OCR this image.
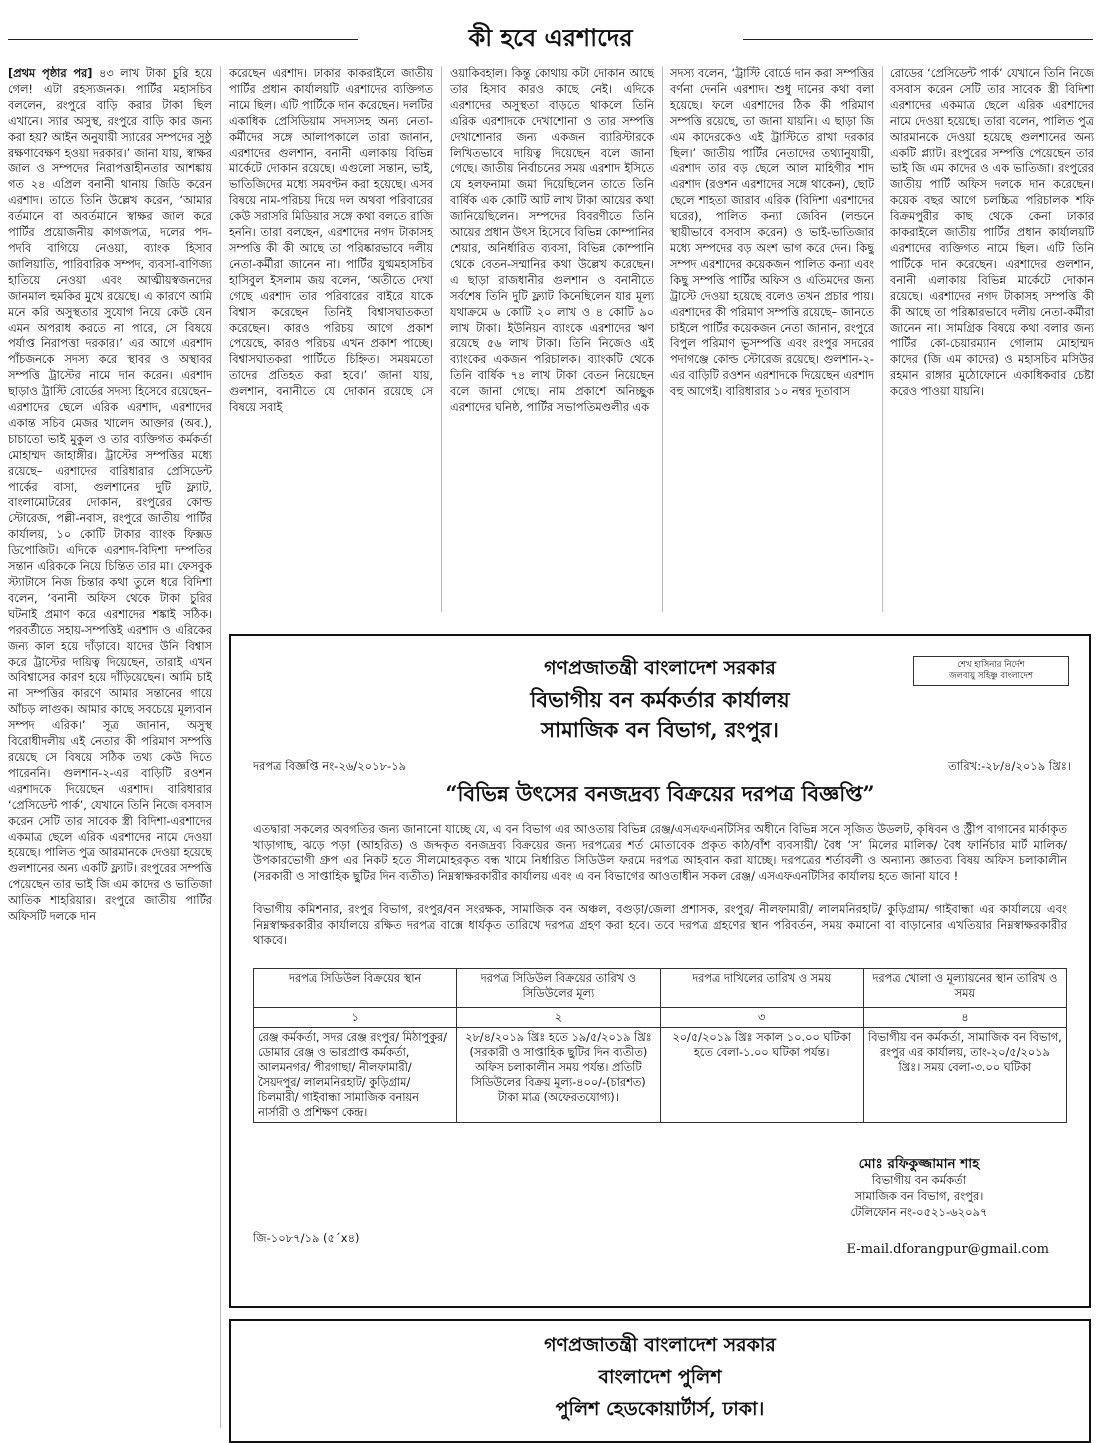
কী হবে এরশাদের

[প্রথম পৃষ্ঠার পর] ৪৩ লাখ টাকা চুরি হয়ে গেল! এটা রহস্যজনক। পার্টির মহাসচিব বললেন, রংপুরে বাড়ি করার টাকা ছিল এখানে। স্যার অসুস্থ, রংপুরে বাড়ি কার জন্য করা হয়? আইন অনুযায়ী স্যারের সম্পদের সুষ্ঠু রক্ষণাবেক্ষণ হওয়া দরকার।’ জানা যায়, স্বাক্ষর জাল ও সম্পদের নিরাপত্তাহীনতার আশঙ্কায় গত ২৪ এপ্রিল বনানী থানায় জিডি করেন এরশাদ। তাতে তিনি উল্লেখ করেন, ‘আমার বর্তমানে বা অবর্তমানে স্বাক্ষর জাল করে পার্টির প্রয়োজনীয় কাগজপত্র, দলের পদ-পদবি বাগিয়ে নেওয়া, ব্যাংক হিসাব জালিয়াতি, পারিবারিক সম্পদ, ব্যবসা-বাণিজ্য হাতিয়ে নেওয়া এবং আত্মীয়স্বজনদের জানমাল হুমকির মুখে রয়েছে। এ কারণে আমি মনে করি অসুস্থতার সুযোগ নিয়ে কেউ যেন এমন অপরাধ করতে না পারে, সে বিষয়ে পর্যাপ্ত নিরাপত্তা দরকার।’ এর আগে এরশাদ পাঁচজনকে সদস্য করে স্থাবর ও অস্থাবর সম্পত্তি ট্রাস্টের নামে দান করেন। এরশাদ ছাড়াও ট্রাস্টি বোর্ডের সদস্য হিসেবে রয়েছেন– এরশাদের ছেলে এরিক এরশাদ, এরশাদের একান্ত সচিব মেজর খালেদ আক্তার (অব.), চাচাতো ভাই মুকুল ও তার ব্যক্তিগত কর্মকর্তা মোহাম্মদ জাহাঙ্গীর। ট্রাস্টের সম্পত্তির মধ্যে রয়েছে– এরশাদের বারিধারার প্রেসিডেন্ট পার্কের বাসা, গুলশানের দুটি ফ্ল্যাট, বাংলামোটরের দোকান, রংপুরের কোল্ড স্টোরেজ, পল্লী-নবাস, রংপুরে জাতীয় পার্টির কার্যালয়, ১০ কোটি টাকার ব্যাংক ফিক্সড ডিপোজিট। এদিকে এরশাদ-বিদিশা দম্পতির সন্তান এরিককে নিয়ে চিন্তিত তার মা। ফেসবুক স্ট্যাটাসে নিজ চিন্তার কথা তুলে ধরে বিদিশা বলেন, ‘বনানী অফিস থেকে টাকা চুরির ঘটনাই প্রমাণ করে এরশাদের শঙ্কাই সঠিক। পরবর্তীতে সহায়-সম্পত্তিই এরশাদ ও এরিকের জন্য কাল হয়ে দাঁড়াবে। যাদের উনি বিশ্বাস করে ট্রাস্টের দায়িত্ব দিয়েছেন, তারাই এখন অবিশ্বাসের কারণ হয়ে দাঁড়িয়েছেন। আমি চাই না সম্পত্তির কারণে আমার সন্তানের গায়ে আঁচড় লাগুক। আমার কাছে সবচেয়ে মূল্যবান সম্পদ এরিক।’ সূত্র জানান, অসুস্থ বিরোধীদলীয় এই নেতার কী পরিমাণ সম্পত্তি রয়েছে সে বিষয়ে সঠিক তথ্য কেউ দিতে পারেননি। গুলশান-২-এর বাড়িটি রওশন এরশাদকে দিয়েছেন এরশাদ। বারিধারার ‘প্রেসিডেন্ট পার্ক’, যেখানে তিনি নিজে বসবাস করেন সেটি তার সাবেক স্ত্রী বিদিশা-এরশাদের একমাত্র ছেলে এরিক এরশাদের নামে দেওয়া হয়েছে। পালিত পুত্র আরমানকে দেওয়া হয়েছে গুলশানের অন্য একটি ফ্ল্যাট। রংপুরের সম্পত্তি পেয়েছেন তার ভাই জি এম কাদের ও ভাতিজা আতিক শাহরিয়ার। রংপুরে জাতীয় পার্টির অফিসটি দলকে দান

করেছেন এরশাদ। ঢাকার কাকরাইলে জাতীয় পার্টির প্রধান কার্যালয়টি এরশাদের ব্যক্তিগত নামে ছিল। এটি পার্টিকে দান করেছেন। দলটির একাধিক প্রেসিডিয়াম সদস্যসহ অন্য নেতা-কর্মীদের সঙ্গে আলাপকালে তারা জানান, এরশাদের গুলশান, বনানী এলাকায় বিভিন্ন মার্কেটে দোকান রয়েছে। এগুলো সন্তান, ভাই, ভাতিজিদের মধ্যে সমবণ্টন করা হয়েছে। এসব বিষয়ে নাম-পরিচয় দিয়ে দল অথবা পরিবারের কেউ সরাসরি মিডিয়ার সঙ্গে কথা বলতে রাজি হননি। তারা বলছেন, এরশাদের নগদ টাকাসহ সম্পত্তি কী কী আছে তা পরিষ্কারভাবে দলীয় নেতা-কর্মীরা জানেন না। পার্টির যুগ্মমহাসচিব হাসিবুল ইসলাম জয় বলেন, ‘অতীতে দেখা গেছে এরশাদ তার পরিবারের বাইরে যাকে বিশ্বাস করেছেন তিনিই বিশ্বাসঘাতকতা করেছেন। কারও পরিচয় আগে প্রকাশ পেয়েছে, কারও পরিচয় এখন প্রকাশ পাচ্ছে। বিশ্বাসঘাতকরা পার্টিতে চিহ্নিত। সময়মতো তাদের প্রতিহত করা হবে।’ জানা যায়, গুলশান, বনানীতে যে দোকান রয়েছে সে বিষয়ে সবাই

ওয়াকিবহাল। কিন্তু কোথায় কটা দোকান আছে তার হিসাব কারও কাছে নেই। এদিকে এরশাদের অসুস্থতা বাড়তে থাকলে তিনি এরিক এরশাদকে দেখাশোনা ও তার সম্পত্তি দেখাশোনার জন্য একজন ব্যারিস্টারকে লিখিতভাবে দায়িত্ব দিয়েছেন বলে জানা গেছে। জাতীয় নির্বাচনের সময় এরশাদ ইসিতে যে হলফনামা জমা দিয়েছিলেন তাতে তিনি বার্ষিক এক কোটি আট লাখ টাকা আয়ের কথা জানিয়েছিলেন। সম্পদের বিবরণীতে তিনি আয়ের প্রধান উৎস হিসেবে বিভিন্ন কোম্পানির শেয়ার, অনির্ধারিত ব্যবসা, বিভিন্ন কোম্পানি থেকে বেতন-সম্মানির কথা উল্লেখ করেছেন। এ ছাড়া রাজধানীর গুলশান ও বনানীতে সর্বশেষ তিনি দুটি ফ্ল্যাট কিনেছিলেন যার মূল্য যথাক্রমে ৬ কোটি ২০ লাখ ও ৪ কোটি ৯০ লাখ টাকা। ইউনিয়ন ব্যাংকে এরশাদের ঋণ রয়েছে ৫৬ লাখ টাকা। তিনি নিজেও এই ব্যাংকের একজন পরিচালক। ব্যাংকটি থেকে তিনি বার্ষিক ৭৪ লাখ টাকা বেতন নিয়েছেন বলে জানা গেছে। নাম প্রকাশে অনিচ্ছুক এরশাদের ঘনিষ্ঠ, পার্টির সভাপতিমণ্ডলীর এক

সদস্য বলেন, ‘ট্রাস্টি বোর্ডে দান করা সম্পত্তির বর্ণনা দেননি এরশাদ। শুধু দানের কথা বলা হয়েছে। ফলে এরশাদের ঠিক কী পরিমাণ সম্পত্তি রয়েছে, তা জানা যায়নি। এ ছাড়া জি এম কাদেরকেও এই ট্রাস্টিতে রাখা দরকার ছিল।’ জাতীয় পার্টির নেতাদের তথ্যানুযায়ী, এরশাদ তার বড় ছেলে আল মাহিগীর শাদ এরশাদ (রওশন এরশাদের সঙ্গে থাকেন), ছোট ছেলে শাহতা জারাব এরিক (বিদিশা এরশাদের ঘরের), পালিত কন্যা জেবিন (লন্ডনে স্থায়ীভাবে বসবাস করেন) ও ভাই-ভাতিজার মধ্যে সম্পদের বড় অংশ ভাগ করে দেন। কিছু সম্পদ এরশাদের কয়েকজন পালিত কন্যা এবং কিছু সম্পত্তি পার্টির অফিস ও এতিমদের জন্য ট্রাস্টে দেওয়া হয়েছে বলেও তখন প্রচার পায়। এরশাদের কী পরিমাণ সম্পত্তি রয়েছে– জানতে চাইলে পার্টির কয়েকজন নেতা জানান, রংপুরে বিপুল পরিমাণ ভূসম্পত্তি এবং রংপুর সদরের পদাগঞ্জে কোল্ড স্টোরেজ রয়েছে। গুলশান-২-এর বাড়িটি রওশন এরশাদকে দিয়েছেন এরশাদ বহু আগেই। বারিধারার ১০ নম্বর দূতাবাস

রোডের ‘প্রেসিডেন্ট পার্ক’ যেখানে তিনি নিজে বসবাস করেন সেটি তার সাবেক স্ত্রী বিদিশা এরশাদের একমাত্র ছেলে এরিক এরশাদের নামে দেওয়া হয়েছে। তারা বলেন, পালিত পুত্র আরমানকে দেওয়া হয়েছে গুলশানের অন্য একটি প্ল্যাট। রংপুরের সম্পত্তি পেয়েছেন তার ভাই জি এম কাদের ও এক ভাতিজা। রংপুরের জাতীয় পার্টি অফিস দলকে দান করেছেন। কয়েক বছর আগে চলচ্চিত্র পরিচালক শফি বিক্রমপুরীর কাছ থেকে কেনা ঢাকার কাকরাইলে জাতীয় পার্টির প্রধান কার্যালয়টি এরশাদের ব্যক্তিগত নামে ছিল। এটি তিনি পার্টিকে দান করেছেন। এরশাদের গুলশান, বনানী এলাকায় বিভিন্ন মার্কেটে দোকান রয়েছে। এরশাদের নগদ টাকাসহ সম্পত্তি কী কী আছে তা পরিষ্কারভাবে দলীয় নেতা-কর্মীরা জানেন না। সামগ্রিক বিষয়ে কথা বলার জন্য পার্টির কো-চেয়ারম্যান গোলাম মোহাম্মদ কাদের (জি এম কাদের) ও মহাসচিব মসিউর রহমান রাঙ্গার মুঠোফোনে একাধিকবার চেষ্টা করেও পাওয়া যায়নি।

গণপ্রজাতন্ত্রী বাংলাদেশ সরকার
বিভাগীয় বন কর্মকর্তার কার্যালয়
সামাজিক বন বিভাগ, রংপুর।
শেখ হাসিনার নির্দেশ
জলবায়ু সহিষ্ণু বাংলাদেশ
দরপত্র বিজ্ঞপ্তি নং-২৬/২০১৮-১৯	তারিখ:-২৮/৪/২০১৯ খ্রিঃ।
“বিভিন্ন উৎসের বনজদ্রব্য বিক্রয়ের দরপত্র বিজ্ঞপ্তি”
এতদ্বারা সকলের অবগতির জন্য জানানো যাচ্ছে যে, এ বন বিভাগ এর আওতায় বিভিন্ন রেঞ্জ/এসএফএনটিসির অধীনে বিভিন্ন সনে সৃজিত উডলট, কৃষিবন ও স্ট্রীপ বাগানের মার্কাকৃত খাড়াগাছ, ঝড়ে পড়া (আহরিত) ও জব্দকৃত বনজদ্রব্য বিক্রয়ের জন্য দরপত্রের শর্ত মোতাবেক প্রকৃত কাঠ/বাঁশ ব্যবসায়ী/ বৈধ ‘স’ মিলের মালিক/ বৈধ ফার্নিচার মার্ট মালিক/উপকারভোগী গ্রুপ এর নিকট হতে সীলমোহরকৃত বন্ধ খামে নির্ধারিত সিডিউল ফরমে দরপত্র আহবান করা যাচ্ছে। দরপত্রের শর্তাবলী ও অন্যান্য জ্ঞাতব্য বিষয় অফিস চলাকালীন (সরকারী ও সাপ্তাহিক ছুটির দিন ব্যতীত) নিম্নস্বাক্ষরকারীর কার্যালয় এবং এ বন বিভাগের আওতাধীন সকল রেঞ্জ/ এসএফএনটিসির কার্যালয় হতে জানা যাবে !
বিভাগীয় কমিশনার, রংপুর বিভাগ, রংপুর/বন সংরক্ষক, সামাজিক বন অঞ্চল, বগুড়া/জেলা প্রশাসক, রংপুর/ নীলফামারী/ লালমনিরহাট/ কুড়িগ্রাম/ গাইবান্ধা এর কার্যালয়ে এবং নিম্নস্বাক্ষরকারীর কার্যালয়ে রক্ষিত দরপত্র বাক্সে ধার্যকৃত তারিখে দরপত্র গ্রহণ করা হবে। তবে দরপত্র গ্রহণের স্থান পরিবর্তন, সময় কমানো বা বাড়ানোর এখতিয়ার নিম্নস্বাক্ষরকারীর থাকবে।
দরপত্র সিডিউল বিক্রয়ের স্থান	দরপত্র সিডিউল বিক্রয়ের তারিখ ও সিডিউলের মূল্য	দরপত্র দাখিলের তারিখ ও সময়	দরপত্র খোলা ও মূল্যায়নের স্থান তারিখ ও সময়
১	২	৩	৪
রেঞ্জ কর্মকর্তা, সদর রেঞ্জ রংপুর/ মিঠাপুকুর/ ডোমার রেঞ্জ ও ভারপ্রাপ্ত কর্মকর্তা, আলমনগর/ পীরগাছা/ নীলফামারী/ সৈয়দপুর/ লালমনিরহাট/ কুড়িগ্রাম/ চিলমারী/ গাইবান্ধা সামাজিক বনায়ন নার্সারী ও প্রশিক্ষণ কেন্দ্র।	২৮/৪/২০১৯ খ্রিঃ হতে ১৯/৫/২০১৯ খ্রিঃ (সরকারী ও সাপ্তাহিক ছুটির দিন ব্যতীত) অফিস চলাকালীন সময় পর্যন্ত। প্রতিটি সিডিউলের বিক্রয় মূল্য-৪০০/-(চারশত) টাকা মাত্র (অফেরতযোগ্য)।	২০/৫/২০১৯ খ্রিঃ সকাল ১০.০০ ঘটিকা হতে বেলা-১.০০ ঘটিকা পর্যন্ত।	বিভাগীয় বন কর্মকর্তা, সামাজিক বন বিভাগ, রংপুর এর কার্যালয়, তাং-২০/৫/২০১৯ খ্রিঃ। সময় বেলা-৩.০০ ঘটিকা
মোঃ রফিকুজ্জামান শাহ
বিভাগীয় বন কর্মকর্তা
সামাজিক বন বিভাগ, রংপুর।
টেলিফোন নং-০৫২১-৬২০৯৭
জি-১০৮৭/১৯ (৫´x৪)
E-mail.dforangpur@gmail.com
গণপ্রজাতন্ত্রী বাংলাদেশ সরকার
বাংলাদেশ পুলিশ
পুলিশ হেডকোয়ার্টার্স, ঢাকা।
